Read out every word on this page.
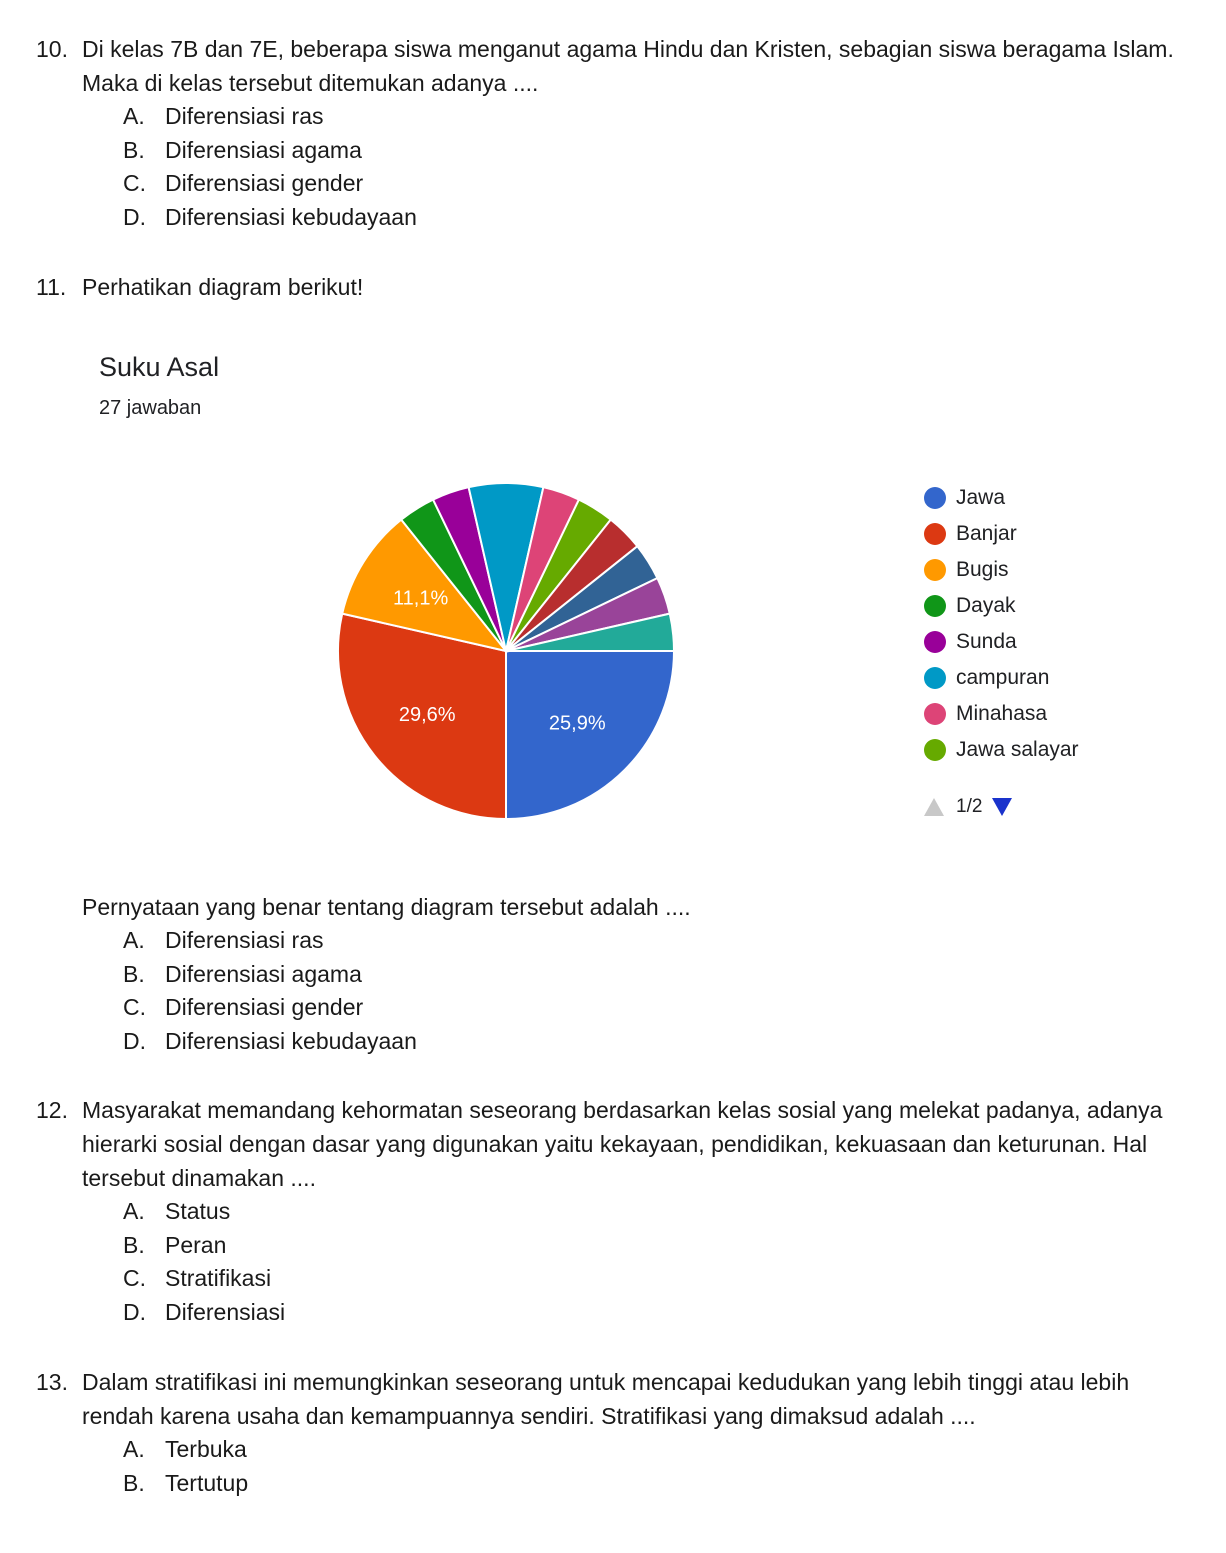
10. Di kelas 7B dan 7E, beberapa siswa menganut agama Hindu dan Kristen, sebagian siswa beragama Islam. Maka di kelas tersebut ditemukan adanya ....

A. Diferensiasi ras
B. Diferensiasi agama
C. Diferensiasi gender
D. Diferensiasi kebudayaan

11. Perhatikan diagram berikut!

Suku Asal
27 jawaban
25,9%
29,6%
11,1%
Jawa
Banjar
Bugis
Dayak
Sunda
campuran
Minahasa
Jawa salayar
1/2

Pernyataan yang benar tentang diagram tersebut adalah ....

A. Diferensiasi ras
B. Diferensiasi agama
C. Diferensiasi gender
D. Diferensiasi kebudayaan

12. Masyarakat memandang kehormatan seseorang berdasarkan kelas sosial yang melekat padanya, adanya hierarki sosial dengan dasar yang digunakan yaitu kekayaan, pendidikan, kekuasaan dan keturunan. Hal tersebut dinamakan ....

A. Status
B. Peran
C. Stratifikasi
D. Diferensiasi

13. Dalam stratifikasi ini memungkinkan seseorang untuk mencapai kedudukan yang lebih tinggi atau lebih rendah karena usaha dan kemampuannya sendiri. Stratifikasi yang dimaksud adalah ....

A. Terbuka
B. Tertutup
